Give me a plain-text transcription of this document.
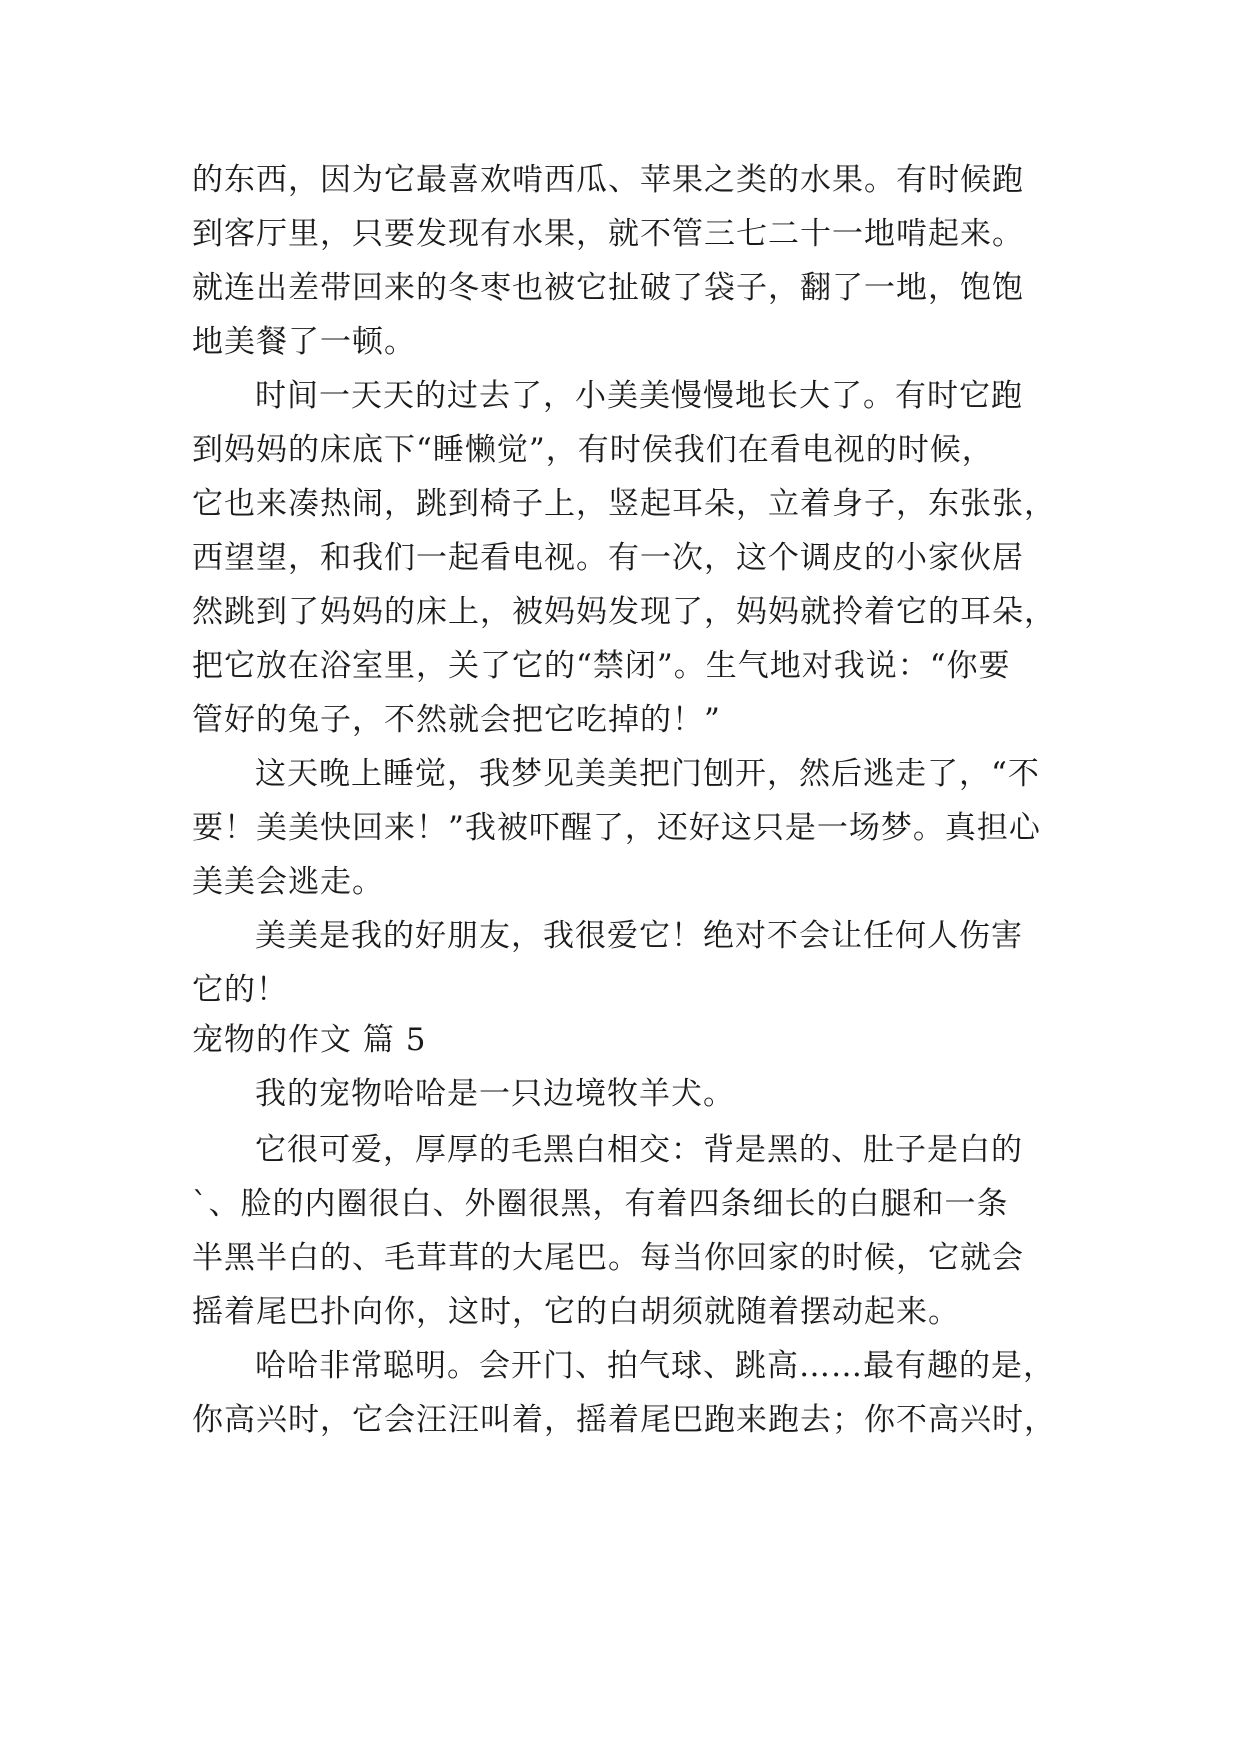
的东西，因为它最喜欢啃西瓜、苹果之类的水果。有时候跑
到客厅里，只要发现有水果，就不管三七二十一地啃起来。
就连出差带回来的冬枣也被它扯破了袋子，翻了一地，饱饱
地美餐了一顿。
时间一天天的过去了，小美美慢慢地长大了。有时它跑
到妈妈的床底下“睡懒觉”，有时侯我们在看电视的时候，
它也来凑热闹，跳到椅子上，竖起耳朵，立着身子，东张张，
西望望，和我们一起看电视。有一次，这个调皮的小家伙居
然跳到了妈妈的床上，被妈妈发现了，妈妈就拎着它的耳朵，
把它放在浴室里，关了它的“禁闭”。生气地对我说：“你要
管好的兔子，不然就会把它吃掉的！”
这天晚上睡觉，我梦见美美把门刨开，然后逃走了，“不
要！美美快回来！”我被吓醒了，还好这只是一场梦。真担心
美美会逃走。
美美是我的好朋友，我很爱它！绝对不会让任何人伤害
它的！
宠物的作文 篇 5
我的宠物哈哈是一只边境牧羊犬。
它很可爱，厚厚的毛黑白相交：背是黑的、肚子是白的
`、脸的内圈很白、外圈很黑，有着四条细长的白腿和一条
半黑半白的、毛茸茸的大尾巴。每当你回家的时候，它就会
摇着尾巴扑向你，这时，它的白胡须就随着摆动起来。
哈哈非常聪明。会开门、拍气球、跳高……最有趣的是，
你高兴时，它会汪汪叫着，摇着尾巴跑来跑去；你不高兴时，
